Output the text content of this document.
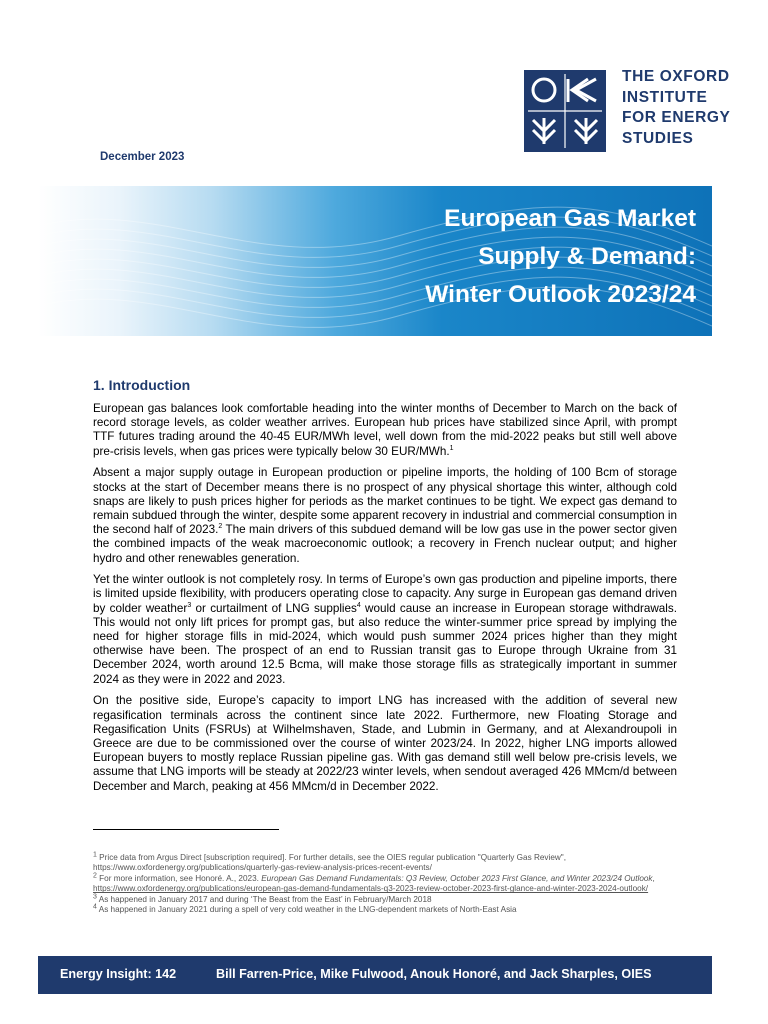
THE OXFORD
INSTITUTE
FOR ENERGY
STUDIES
December 2023
European Gas Market
Supply & Demand:
Winter Outlook 2023/24
1. Introduction

European gas balances look comfortable heading into the winter months of December to March on the back of record storage levels, as colder weather arrives. European hub prices have stabilized since April, with prompt TTF futures trading around the 40-45 EUR/MWh level, well down from the mid-2022 peaks but still well above pre-crisis levels, when gas prices were typically below 30 EUR/MWh.$^1$

Absent a major supply outage in European production or pipeline imports, the holding of 100 Bcm of storage stocks at the start of December means there is no prospect of any physical shortage this winter, although cold snaps are likely to push prices higher for periods as the market continues to be tight. We expect gas demand to remain subdued through the winter, despite some apparent recovery in industrial and commercial consumption in the second half of 2023.$^2$ The main drivers of this subdued demand will be low gas use in the power sector given the combined impacts of the weak macroeconomic outlook; a recovery in French nuclear output; and higher hydro and other renewables generation.

Yet the winter outlook is not completely rosy. In terms of Europe’s own gas production and pipeline imports, there is limited upside flexibility, with producers operating close to capacity. Any surge in European gas demand driven by colder weather$^3$ or curtailment of LNG supplies$^4$ would cause an increase in European storage withdrawals. This would not only lift prices for prompt gas, but also reduce the winter-summer price spread by implying the need for higher storage fills in mid-2024, which would push summer 2024 prices higher than they might otherwise have been. The prospect of an end to Russian transit gas to Europe through Ukraine from 31 December 2024, worth around 12.5 Bcma, will make those storage fills as strategically important in summer 2024 as they were in 2022 and 2023.

On the positive side, Europe’s capacity to import LNG has increased with the addition of several new regasification terminals across the continent since late 2022. Furthermore, new Floating Storage and Regasification Units (FSRUs) at Wilhelmshaven, Stade, and Lubmin in Germany, and at Alexandroupoli in Greece are due to be commissioned over the course of winter 2023/24. In 2022, higher LNG imports allowed European buyers to mostly replace Russian pipeline gas. With gas demand still well below pre-crisis levels, we assume that LNG imports will be steady at 2022/23 winter levels, when sendout averaged 426 MMcm/d between December and March, peaking at 456 MMcm/d in December 2022.

$^1$ Price data from Argus Direct [subscription required]. For further details, see the OIES regular publication "Quarterly Gas Review", https://www.oxfordenergy.org/publications/quarterly-gas-review-analysis-prices-recent-events/
$^2$ For more information, see Honoré. A., 2023. European Gas Demand Fundamentals: Q3 Review, October 2023 First Glance, and Winter 2023/24 Outlook, https://www.oxfordenergy.org/publications/european-gas-demand-fundamentals-q3-2023-review-october-2023-first-glance-and-winter-2023-2024-outlook/
$^3$ As happened in January 2017 and during ‘The Beast from the East’ in February/March 2018
$^4$ As happened in January 2021 during a spell of very cold weather in the LNG-dependent markets of North-East Asia
Energy Insight: 142	Bill Farren-Price, Mike Fulwood, Anouk Honoré, and Jack Sharples, OIES
